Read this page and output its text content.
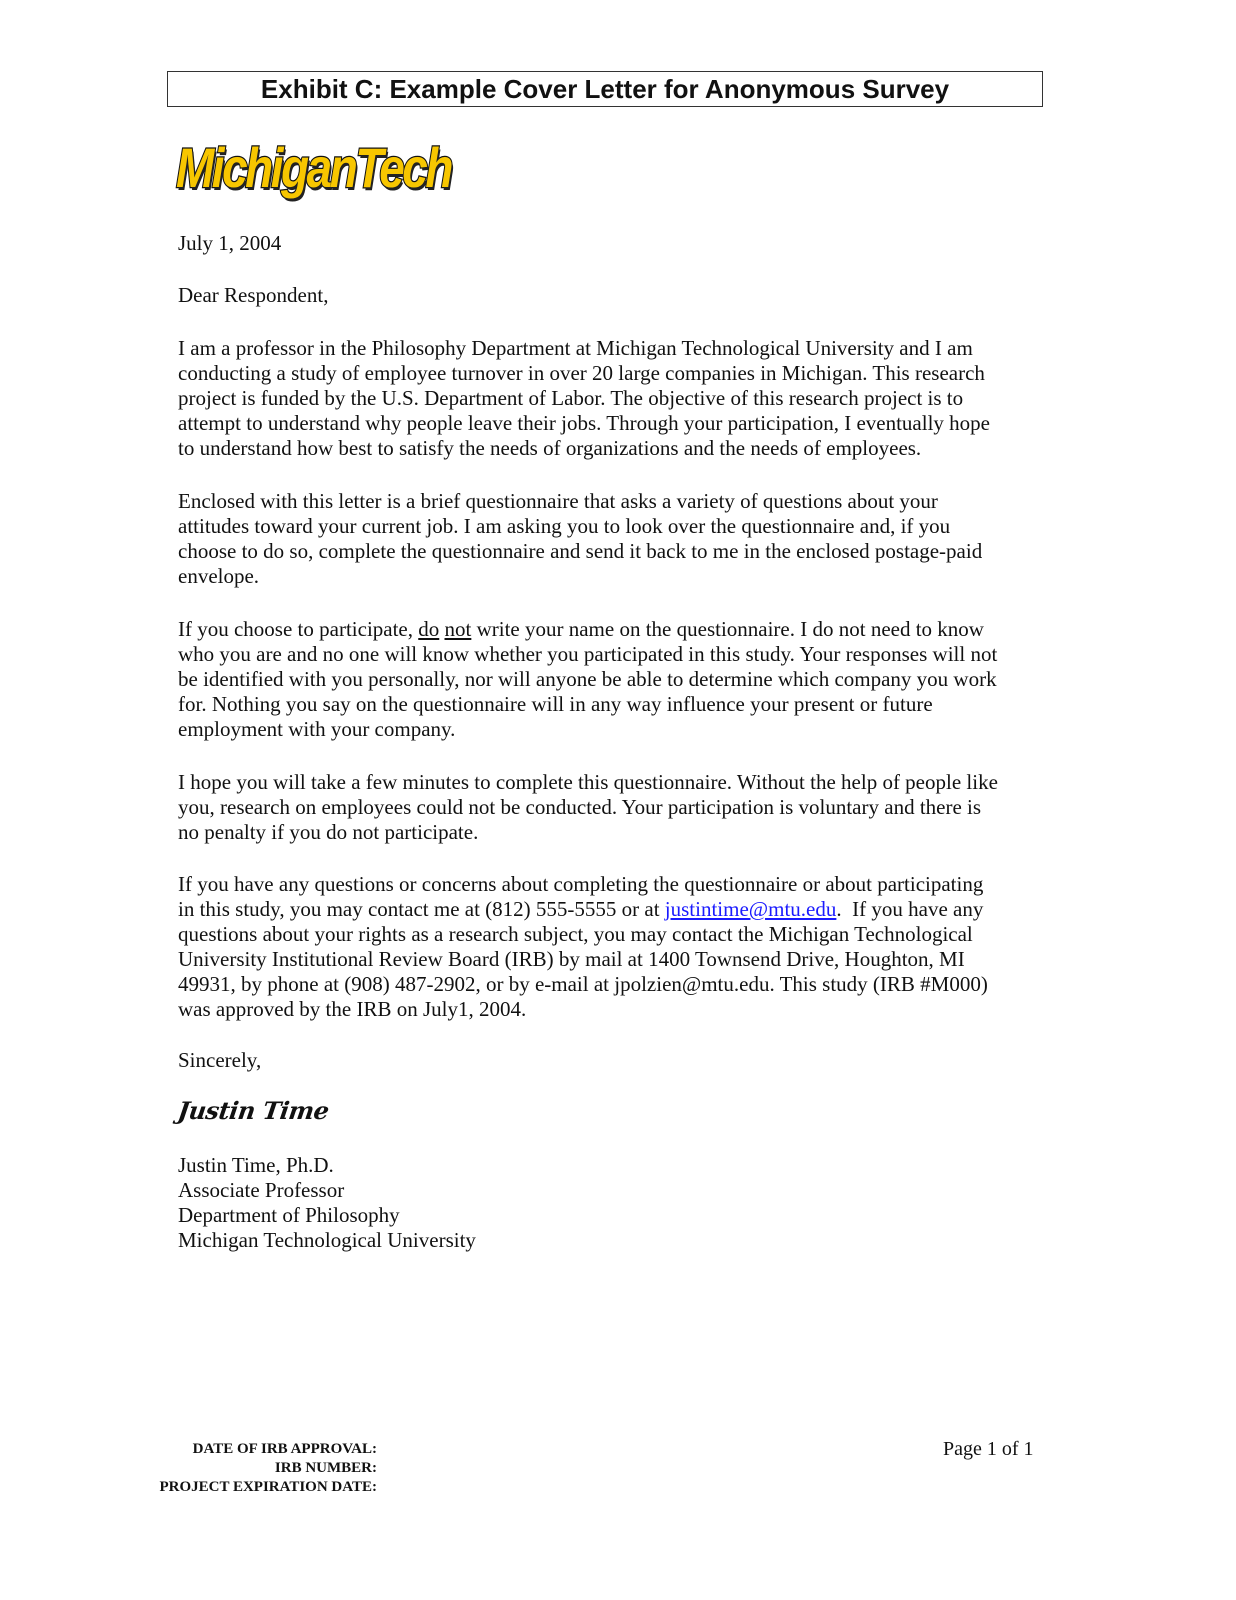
Exhibit C: Example Cover Letter for Anonymous Survey
MichiganTech
July 1, 2004
Dear Respondent,
I am a professor in the Philosophy Department at Michigan Technological University and I am
conducting a study of employee turnover in over 20 large companies in Michigan. This research
project is funded by the U.S. Department of Labor. The objective of this research project is to
attempt to understand why people leave their jobs. Through your participation, I eventually hope
to understand how best to satisfy the needs of organizations and the needs of employees.
Enclosed with this letter is a brief questionnaire that asks a variety of questions about your
attitudes toward your current job. I am asking you to look over the questionnaire and, if you
choose to do so, complete the questionnaire and send it back to me in the enclosed postage-paid
envelope.
If you choose to participate, do not write your name on the questionnaire. I do not need to know
who you are and no one will know whether you participated in this study. Your responses will not
be identified with you personally, nor will anyone be able to determine which company you work
for. Nothing you say on the questionnaire will in any way influence your present or future
employment with your company.
I hope you will take a few minutes to complete this questionnaire. Without the help of people like
you, research on employees could not be conducted. Your participation is voluntary and there is
no penalty if you do not participate.
If you have any questions or concerns about completing the questionnaire or about participating
in this study, you may contact me at (812) 555-5555 or at justintime@mtu.edu.  If you have any
questions about your rights as a research subject, you may contact the Michigan Technological
University Institutional Review Board (IRB) by mail at 1400 Townsend Drive, Houghton, MI
49931, by phone at (908) 487-2902, or by e-mail at jpolzien@mtu.edu. This study (IRB #M000)
was approved by the IRB on July1, 2004.
Sincerely,
Justin Time
Justin Time, Ph.D.
Associate Professor
Department of Philosophy
Michigan Technological University
DATE OF IRB APPROVAL:
IRB NUMBER:
PROJECT EXPIRATION DATE:
Page 1 of 1
